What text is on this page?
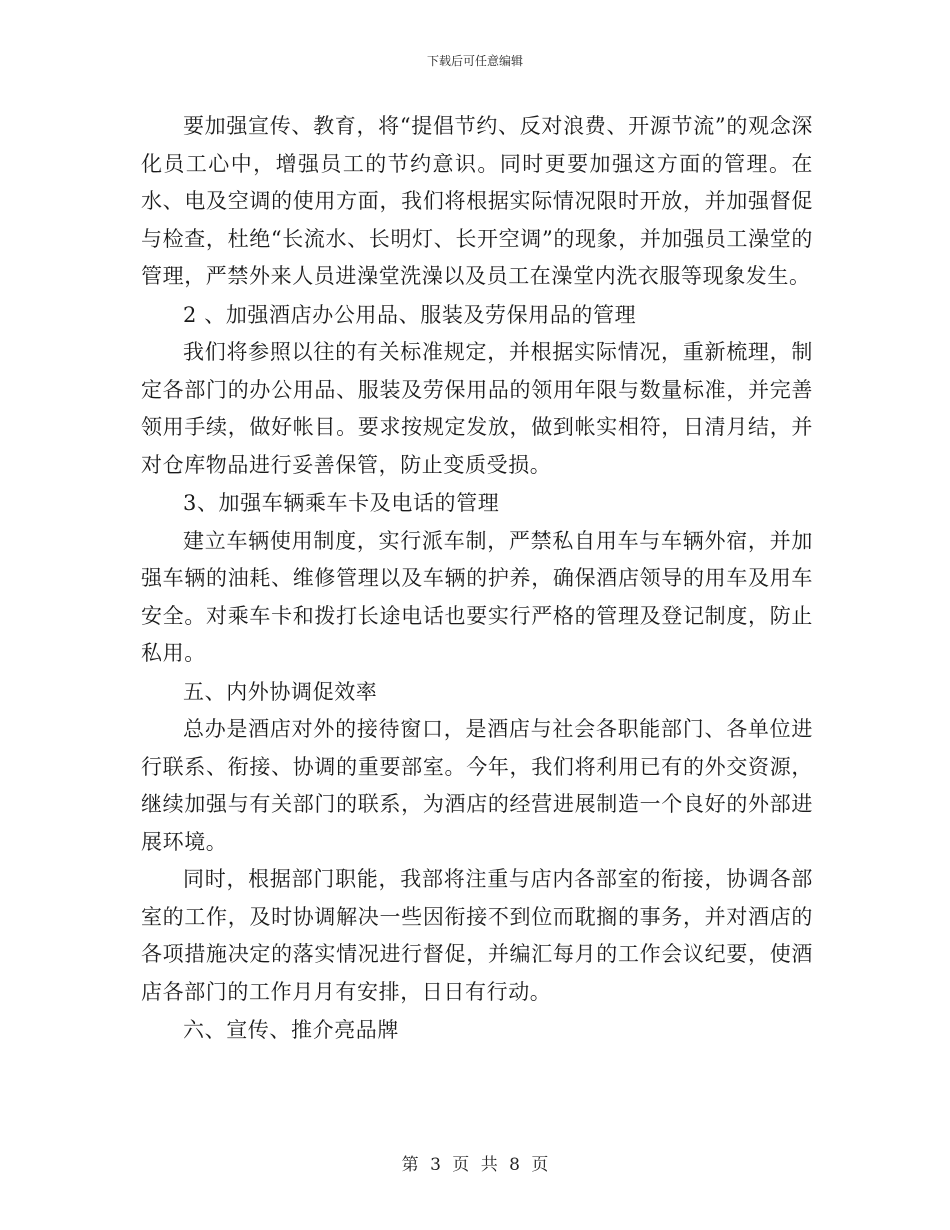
下载后可任意编辑

要加强宣传、教育，将“提倡节约、反对浪费、开源节流”的观念深化员工心中，增强员工的节约意识。同时更要加强这方面的管理。在水、电及空调的使用方面，我们将根据实际情况限时开放，并加强督促与检查，杜绝“长流水、长明灯、长开空调”的现象，并加强员工澡堂的管理，严禁外来人员进澡堂洗澡以及员工在澡堂内洗衣服等现象发生。

2 、加强酒店办公用品、服装及劳保用品的管理

我们将参照以往的有关标准规定，并根据实际情况，重新梳理，制定各部门的办公用品、服装及劳保用品的领用年限与数量标准，并完善领用手续，做好帐目。要求按规定发放，做到帐实相符，日清月结，并对仓库物品进行妥善保管，防止变质受损。

3、加强车辆乘车卡及电话的管理

建立车辆使用制度，实行派车制，严禁私自用车与车辆外宿，并加强车辆的油耗、维修管理以及车辆的护养，确保酒店领导的用车及用车安全。对乘车卡和拨打长途电话也要实行严格的管理及登记制度，防止私用。

五、内外协调促效率

总办是酒店对外的接待窗口，是酒店与社会各职能部门、各单位进行联系、衔接、协调的重要部室。今年，我们将利用已有的外交资源，继续加强与有关部门的联系，为酒店的经营进展制造一个良好的外部进展环境。

同时，根据部门职能，我部将注重与店内各部室的衔接，协调各部室的工作，及时协调解决一些因衔接不到位而耽搁的事务，并对酒店的各项措施决定的落实情况进行督促，并编汇每月的工作会议纪要，使酒店各部门的工作月月有安排，日日有行动。

六、宣传、推介亮品牌

第 3 页 共 8 页
